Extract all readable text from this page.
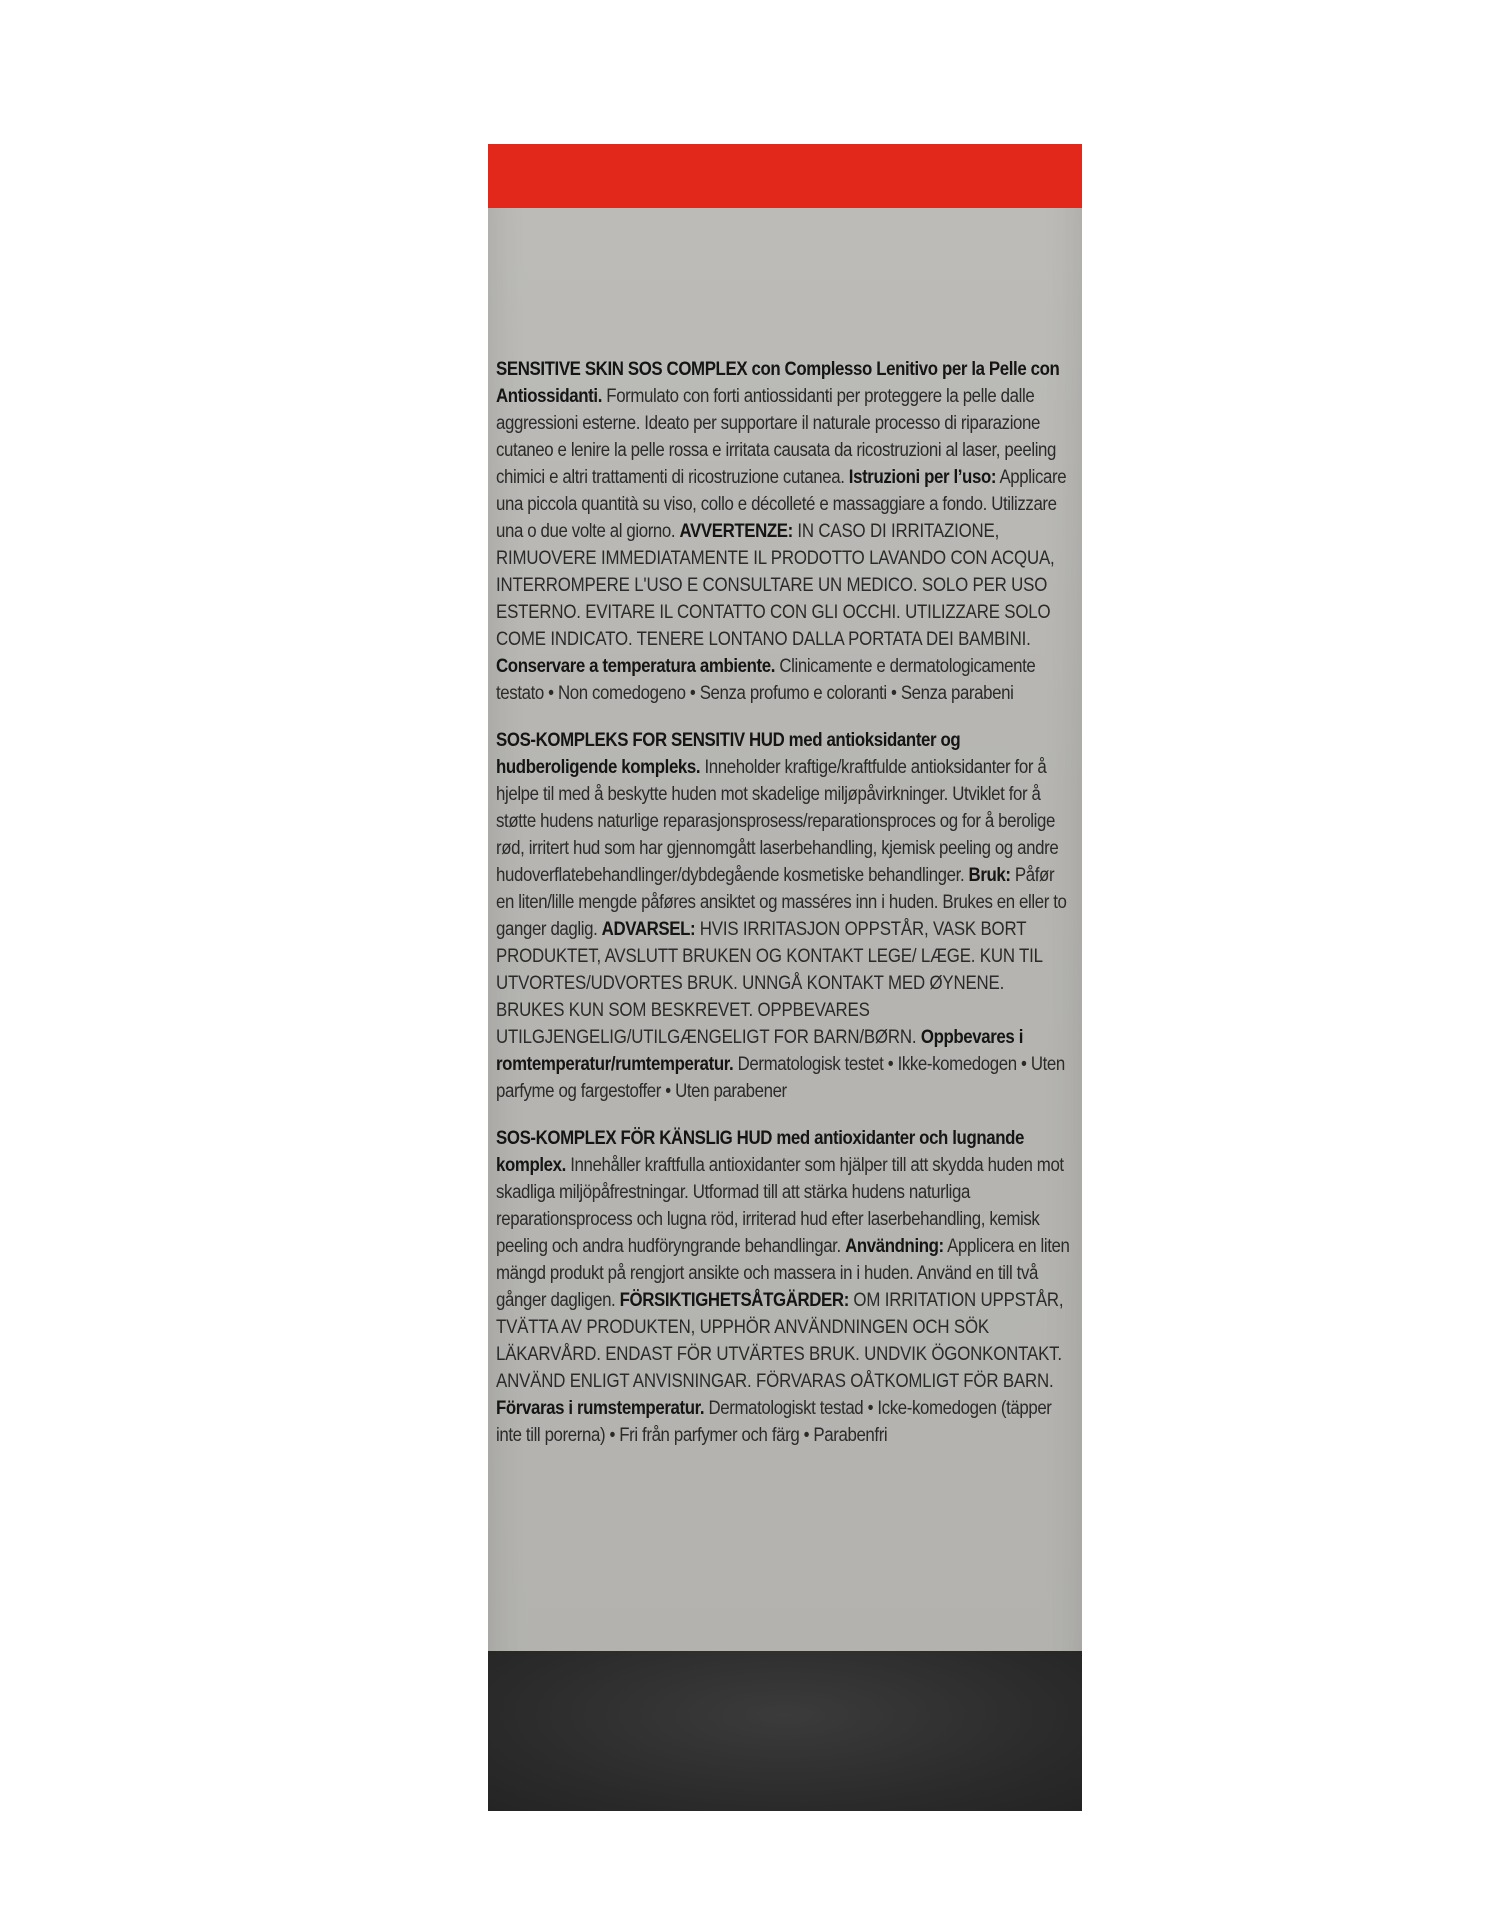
SENSITIVE SKIN SOS COMPLEX con Complesso Lenitivo per la Pelle con Antiossidanti. Formulato con forti antiossidanti per proteggere la pelle dalle aggressioni esterne. Ideato per supportare il naturale processo di riparazione cutaneo e lenire la pelle rossa e irritata causata da ricostruzioni al laser, peeling chimici e altri trattamenti di ricostruzione cutanea. Istruzioni per l’uso: Applicare una piccola quantità su viso, collo e décolleté e massaggiare a fondo. Utilizzare una o due volte al giorno. AVVERTENZE: IN CASO DI IRRITAZIONE, RIMUOVERE IMMEDIATAMENTE IL PRODOTTO LAVANDO CON ACQUA, INTERROMPERE L'USO E CONSULTARE UN MEDICO. SOLO PER USO ESTERNO. EVITARE IL CONTATTO CON GLI OCCHI. UTILIZZARE SOLO COME INDICATO. TENERE LONTANO DALLA PORTATA DEI BAMBINI. Conservare a temperatura ambiente. Clinicamente e dermatologicamente testato • Non comedogeno • Senza profumo e coloranti • Senza parabeni

SOS-KOMPLEKS FOR SENSITIV HUD med antioksidanter og hudberoligende kompleks. Inneholder kraftige/kraftfulde antioksidanter for å hjelpe til med å beskytte huden mot skadelige miljøpåvirkninger. Utviklet for å støtte hudens naturlige reparasjonsprosess/reparationsproces og for å berolige rød, irritert hud som har gjennomgått laserbehandling, kjemisk peeling og andre hudoverflatebehandlinger/dybdegående kosmetiske behandlinger. Bruk: Påfør en liten/lille mengde påføres ansiktet og masséres inn i huden. Brukes en eller to ganger daglig. ADVARSEL: HVIS IRRITASJON OPPSTÅR, VASK BORT PRODUKTET, AVSLUTT BRUKEN OG KONTAKT LEGE/ LÆGE. KUN TIL UTVORTES/UDVORTES BRUK. UNNGÅ KONTAKT MED ØYNENE. BRUKES KUN SOM BESKREVET. OPPBEVARES UTILGJENGELIG/UTILGÆNGELIGT FOR BARN/BØRN. Oppbevares i romtemperatur/rumtemperatur. Dermatologisk testet • Ikke-komedogen • Uten parfyme og fargestoffer • Uten parabener

SOS-KOMPLEX FÖR KÄNSLIG HUD med antioxidanter och lugnande komplex. Innehåller kraftfulla antioxidanter som hjälper till att skydda huden mot skadliga miljöpåfrestningar. Utformad till att stärka hudens naturliga reparationsprocess och lugna röd, irriterad hud efter laserbehandling, kemisk peeling och andra hudföryngrande behandlingar. Användning: Applicera en liten mängd produkt på rengjort ansikte och massera in i huden. Använd en till två gånger dagligen. FÖRSIKTIGHETSÅTGÄRDER: OM IRRITATION UPPSTÅR, TVÄTTA AV PRODUKTEN, UPPHÖR ANVÄNDNINGEN OCH SÖK LÄKARVÅRD. ENDAST FÖR UTVÄRTES BRUK. UNDVIK ÖGONKONTAKT. ANVÄND ENLIGT ANVISNINGAR. FÖRVARAS OÅTKOMLIGT FÖR BARN. Förvaras i rumstemperatur. Dermatologiskt testad • Icke-komedogen (täpper inte till porerna) • Fri från parfymer och färg • Parabenfri
